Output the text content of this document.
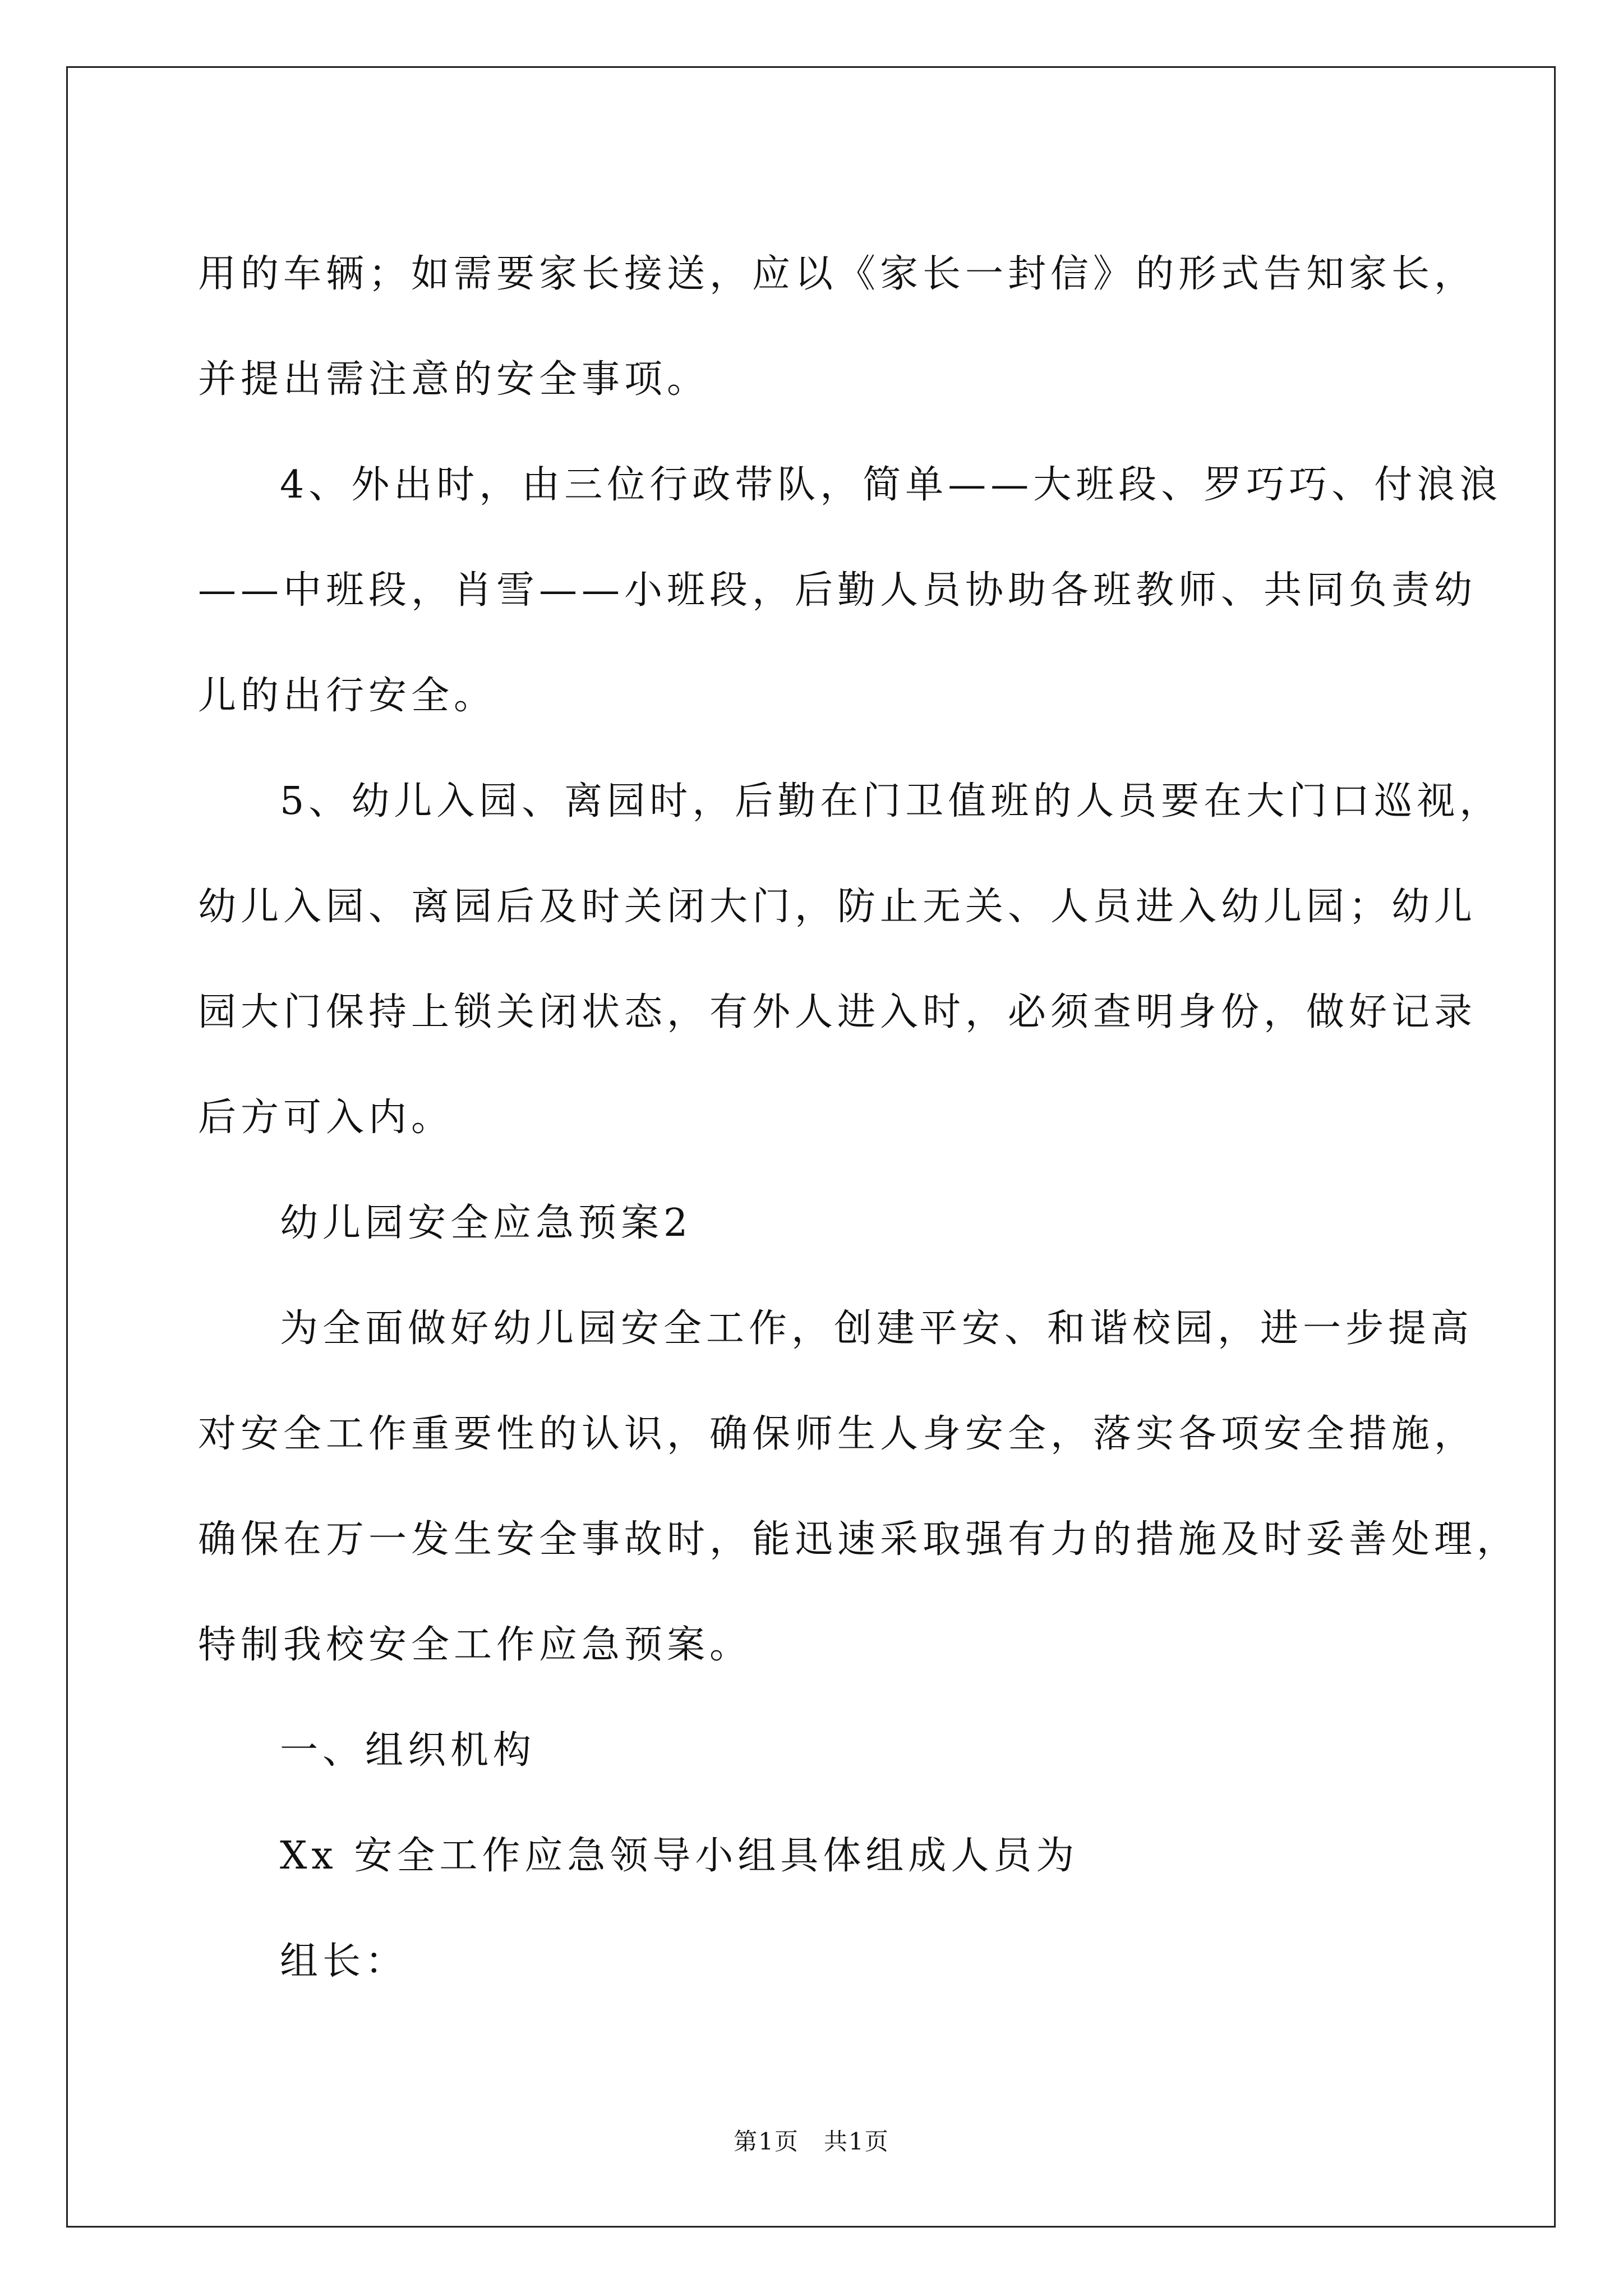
用的车辆；如需要家长接送，应以《家长一封信》的形式告知家长，
并提出需注意的安全事项。
4、外出时，由三位行政带队，简单——大班段、罗巧巧、付浪浪
——中班段，肖雪——小班段，后勤人员协助各班教师、共同负责幼
儿的出行安全。
5、幼儿入园、离园时，后勤在门卫值班的人员要在大门口巡视，
幼儿入园、离园后及时关闭大门，防止无关、人员进入幼儿园；幼儿
园大门保持上锁关闭状态，有外人进入时，必须查明身份，做好记录
后方可入内。
幼儿园安全应急预案2
为全面做好幼儿园安全工作，创建平安、和谐校园，进一步提高
对安全工作重要性的认识，确保师生人身安全，落实各项安全措施，
确保在万一发生安全事故时，能迅速采取强有力的措施及时妥善处理，
特制我校安全工作应急预案。
一、组织机构
Xx 安全工作应急领导小组具体组成人员为
组长：
第1页　共1页
